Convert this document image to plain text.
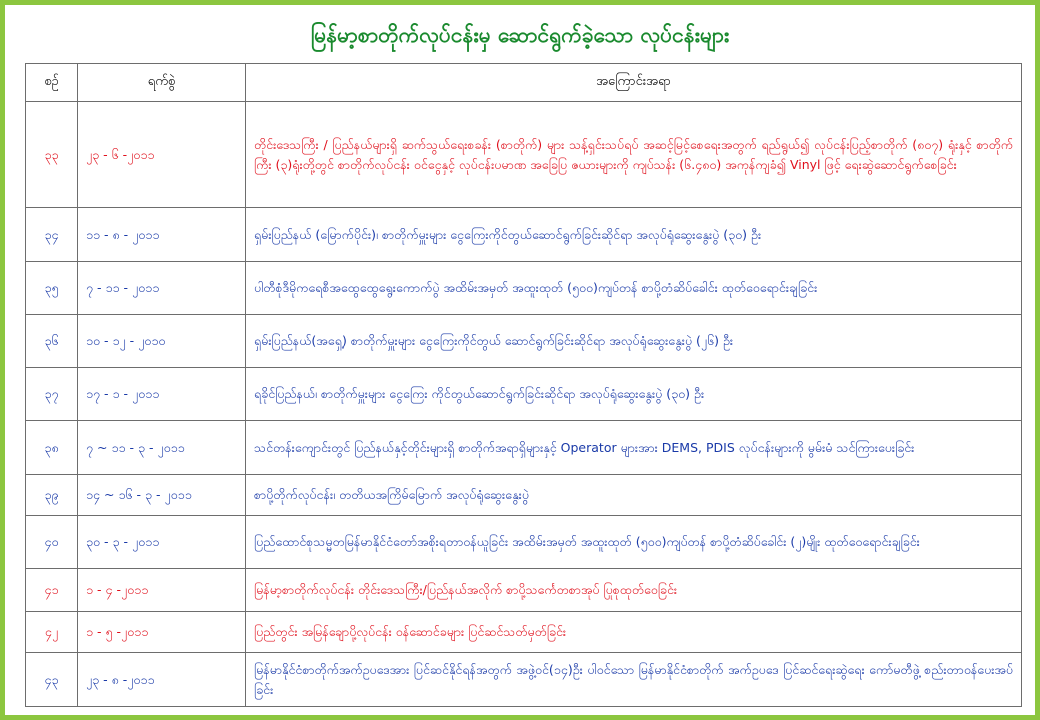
မြန်မာ့စာတိုက်လုပ်ငန်းမှ ဆောင်ရွက်ခဲ့သော လုပ်ငန်းများ
စဉ်	ရက်စွဲ	အကြောင်းအရာ
၃၃	၂၃ - ၆ -၂၀၁၁	တိုင်းဒေသကြီး / ပြည်နယ်များရှိ ဆက်သွယ်ရေးစခန်း (စာတိုက်) များ သန့်ရှင်းသပ်ရပ် အဆင့်မြင့်စေရေးအတွက် ရည်ရွယ်၍ လုပ်ငန်းပြည့်စာတိုက် (၈၀၇) ရုံးနှင့် စာတိုက်ကြီး (၃)ရုံးတို့တွင် စာတိုက်လုပ်ငန်း ဝင်ငွေနှင့် လုပ်ငန်းပမာဏ အခြေပြ ဇယားများကို ကျပ်သန်း (၆.၄၈၀) အကုန်ကျခံ၍ Vinyl ဖြင့် ရေးဆွဲဆောင်ရွက်စေခြင်း
၃၄	၁၁ - ၈ - ၂၀၁၁	ရှမ်းပြည်နယ် (မြောက်ပိုင်း)၊ စာတိုက်မှူးများ ငွေကြေးကိုင်တွယ်ဆောင်ရွက်ခြင်းဆိုင်ရာ အလုပ်ရုံဆွေးနွေးပွဲ (၃၀) ဦး
၃၅	၇ - ၁၁ - ၂၀၁၁	ပါတီစုံဒီမိုကရေစီအထွေထွေရွေးကောက်ပွဲ အထိမ်းအမှတ် အထူးထုတ် (၅၀၀)ကျပ်တန် စာပို့တံဆိပ်ခေါင်း ထုတ်ဝေရောင်းချခြင်း
၃၆	၁၀ - ၁၂ - ၂၀၁၀	ရှမ်းပြည်နယ်(အရှေ့) စာတိုက်မှူးများ ငွေကြေးကိုင်တွယ် ဆောင်ရွက်ခြင်းဆိုင်ရာ အလုပ်ရုံဆွေးနွေးပွဲ (၂၆) ဦး
၃၇	၁၇ - ၁ - ၂၀၁၁	ရခိုင်ပြည်နယ်၊ စာတိုက်မှူးများ ငွေကြေး ကိုင်တွယ်ဆောင်ရွက်ခြင်းဆိုင်ရာ အလုပ်ရုံဆွေးနွေးပွဲ (၃၀) ဦး
၃၈	၇ ~ ၁၁ - ၃ - ၂၀၁၁	သင်တန်းကျောင်းတွင် ပြည်နယ်နှင့်တိုင်းများရှိ စာတိုက်အရာရှိများနှင့် Operator များအား DEMS, PDIS လုပ်ငန်းများကို မွမ်းမံ သင်ကြားပေးခြင်း
၃၉	၁၄ ~ ၁၆ - ၃ - ၂၀၁၁	စာပို့တိုက်လုပ်ငန်း၊ တတိယအကြိမ်မြောက် အလုပ်ရုံဆွေးနွေးပွဲ
၄၀	၃၀ - ၃ - ၂၀၁၁	ပြည်ထောင်စုသမ္မတမြန်မာနိုင်ငံတော်အစိုးရတာဝန်ယူခြင်း အထိမ်းအမှတ် အထူးထုတ် (၅၀၀)ကျပ်တန် စာပို့တံဆိပ်ခေါင်း (၂)မျိုး ထုတ်ဝေရောင်းချခြင်း
၄၁	၁ - ၄ -၂၀၁၁	မြန်မာ့စာတိုက်လုပ်ငန်း တိုင်းဒေသကြီး/ပြည်နယ်အလိုက် စာပို့သင်္ကေတစာအုပ် ပြုစုထုတ်ဝေခြင်း
၄၂	၁ - ၅ -၂၀၁၁	ပြည်တွင်း အမြန်ချောပို့လုပ်ငန်း ဝန်ဆောင်ခများ ပြင်ဆင်သတ်မှတ်ခြင်း
၄၃	၂၃ - ၈ -၂၀၁၁	မြန်မာနိုင်ငံစာတိုက်အက်ဥပဒေအား ပြင်ဆင်နိုင်ရန်အတွက် အဖွဲ့ဝင်(၁၄)ဦး ပါဝင်သော မြန်မာနိုင်ငံစာတိုက် အက်ဥပဒေ ပြင်ဆင်ရေးဆွဲရေး ကော်မတီဖွဲ့ စည်းတာဝန်ပေးအပ်ခြင်း
